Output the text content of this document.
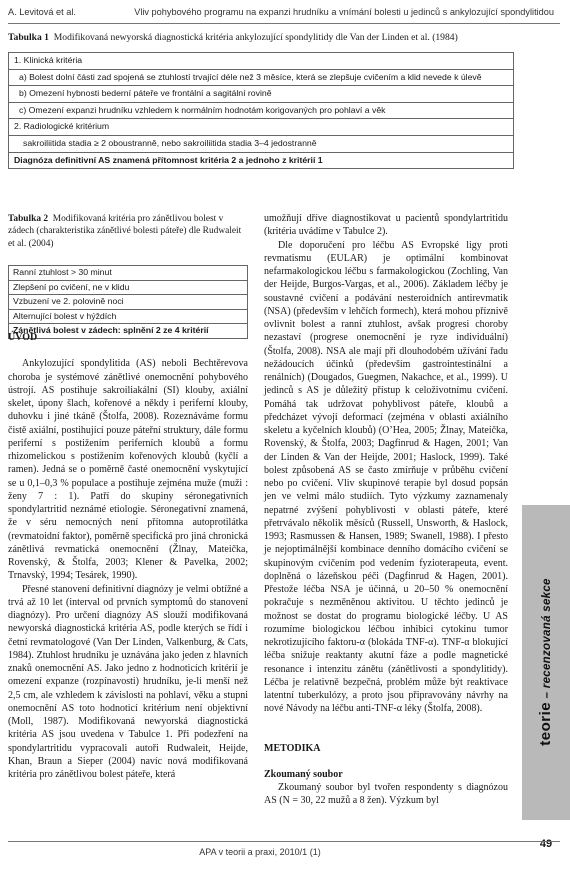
A. Levitová et al.	Vliv pohybového programu na expanzi hrudníku a vnímání bolesti u jedinců s ankylozující spondylitidou
Tabulka 1 Modifikovaná newyorská diagnostická kritéria ankylozující spondylitidy dle Van der Linden et al. (1984)
1. Klinická kritéria
a) Bolest dolní části zad spojená se ztuhlostí trvající déle než 3 měsíce, která se zlepšuje cvičením a klid nevede k úlevě
b) Omezení hybnosti bederní páteře ve frontální a sagitální rovině
c) Omezení expanzi hrudníku vzhledem k normálním hodnotám korigovaných pro pohlaví a věk
2. Radiologické kritérium
sakroiliitida stadia ≥ 2 oboustranně, nebo sakroiliitida stadia 3–4 jedostranně
Diagnóza definitivní AS znamená přítomnost kritéria 2 a jednoho z kritérií 1
Tabulka 2 Modifikovaná kritéria pro zánětlivou bolest v zádech (charakteristika zánětlivé bolesti páteře) dle Rudwaleit et al. (2004)
Ranní ztuhlost > 30 minut
Zlepšení po cvičení, ne v klidu
Vzbuzení ve 2. polovině noci
Alternující bolest v hýždích
Zánětlivá bolest v zádech: splnění 2 ze 4 kritérií
ÚVOD

Ankylozující spondylitida (AS) neboli Bechtěrevova choroba je systémové zánětlivé onemocnění pohybového ústrojí. AS postihuje sakroiliakální (SI) klouby, axiální skelet, úpony šlach, kořenové a někdy i periferní klouby, duhovku i jiné tkáně (Štolfa, 2008). Rozeznáváme formu čistě axiální, postihující pouze páteřní struktury, dále formu periferní s postižením periferních kloubů a formu rhizomelickou s postižením kořenových kloubů (kyčlí a ramen). Jedná se o poměrně časté onemocnění vyskytující se u 0,1–0,3 % populace a postihuje zejména muže (muži : ženy 7 : 1). Patří do skupiny séronegativních spondylartritid neznámé etiologie. Séronegativní znamená, že v séru nemocných není přítomna autoprotilátka (revmatoidní faktor), poměrně specifická pro jiná chronická zánětlivá revmatická onemocnění (Žlnay, Mateička, Rovenský, & Štolfa, 2003; Klener & Pavelka, 2002; Trnavský, 1994; Tesárek, 1990).

Přesné stanovení definitivní diagnózy je velmi obtížné a trvá až 10 let (interval od prvních symptomů do stanovení diagnózy). Pro určení diagnózy AS slouží modifikovaná newyorská diagnostická kritéria AS, podle kterých se řídí i četní revmatologové (Van Der Linden, Valkenburg, & Cats, 1984). Ztuhlost hrudníku je uznávána jako jeden z hlavních znaků onemocnění AS. Jako jedno z hodnoticích kritérií je omezení expanze (rozpínavosti) hrudníku, je-li menší než 2,5 cm, ale vzhledem k závislosti na pohlaví, věku a stupni onemocnění AS toto hodnoticí kritérium není objektivní (Moll, 1987). Modifikovaná newyorská diagnostická kritéria AS jsou uvedena v Tabulce 1. Při podezření na spondylartritidu vypracovali autoři Rudwaleit, Heijde, Khan, Braun a Sieper (2004) navíc nová modifikovaná kritéria pro zánětlivou bolest páteře, která

umožňují dříve diagnostikovat u pacientů spondylartritidu (kritéria uvádíme v Tabulce 2).

Dle doporučení pro léčbu AS Evropské ligy proti revmatismu (EULAR) je optimální kombinovat nefarmakologickou léčbu s farmakologickou (Zochling, Van der Heijde, Burgos-Vargas, et al., 2006). Základem léčby je soustavné cvičení a podávání nesteroidních antirevmatik (NSA) (především v lehčích formech), která mohou příznivě ovlivnit bolest a ranní ztuhlost, avšak progresi choroby nezastaví (progrese onemocnění je ryze individuální) (Štolfa, 2008). NSA ale mají při dlouhodobém užívání řadu nežádoucích účinků (především gastrointestinální a renálních) (Dougados, Guegmen, Nakachce, et al., 1999). U jedinců s AS je důležitý přístup k celoživotnímu cvičení. Pomáhá tak udržovat pohyblivost páteře, kloubů a předcházet vývoji deformací (zejména v oblasti axiálního skeletu a kyčelních kloubů) (O’Hea, 2005; Žlnay, Mateička, Rovenský, & Štolfa, 2003; Dagfinrud & Hagen, 2001; Van der Linden & Van der Heijde, 2001; Haslock, 1999). Také bolest způsobená AS se často zmírňuje v průběhu cvičení nebo po cvičení. Vliv skupinové terapie byl dosud popsán jen ve velmi málo studiích. Tyto výzkumy zaznamenaly nepatrné zvýšení pohyblivosti v oblasti páteře, které přetrvávalo několik měsíců (Russell, Unsworth, & Haslock, 1993; Rasmussen & Hansen, 1989; Swanell, 1988). I přesto je nejoptimálnější kombinace denního domácího cvičení se skupinovým cvičením pod vedením fyzioterapeuta, event. doplněná o lázeňskou péči (Dagfinrud & Hagen, 2001). Přestože léčba NSA je účinná, u 20–50 % onemocnění pokračuje s nezměněnou aktivitou. U těchto jedinců je možnost se dostat do programu biologické léčby. U AS rozumíme biologickou léčbou inhibici cytokinu tumor nekrotizujícího faktoru-α (blokáda TNF-α). TNF-α blokující léčba snižuje reaktanty akutní fáze a podle magnetické resonance i intenzitu zánětu (zánětlivosti a spondylitidy). Léčba je relativně bezpečná, problém může být reaktivace latentní tuberkulózy, a proto jsou připravovány návrhy na nové Návody na léčbu anti-TNF-α léky (Štolfa, 2008).

METODIKA
Zkoumaný soubor

Zkoumaný soubor byl tvořen respondenty s diagnózou AS (N = 30, 22 mužů a 8 žen). Výzkum byl

teorie – recenzovaná sekce
49
APA v teorii a praxi, 2010/1 (1)
